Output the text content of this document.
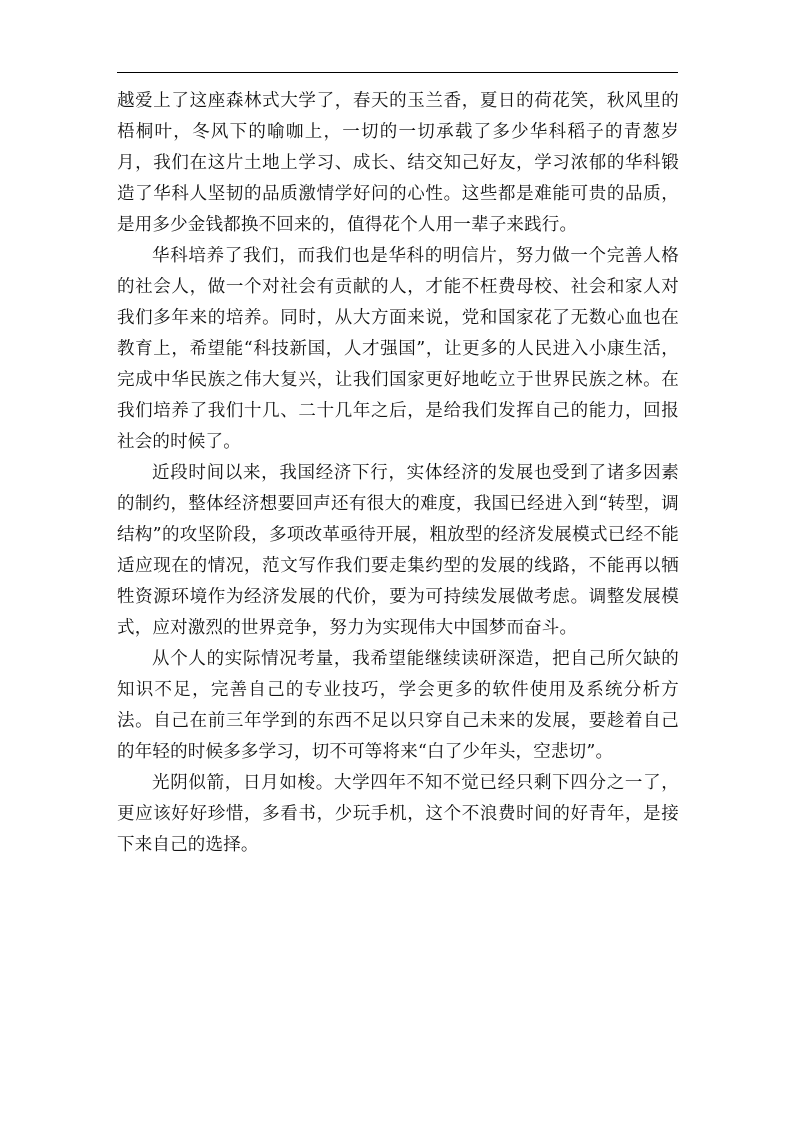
越爱上了这座森林式大学了，春天的玉兰香，夏日的荷花笑，秋风里的梧桐叶，冬风下的喻咖上，一切的一切承载了多少华科稻子的青葱岁月，我们在这片土地上学习、成长、结交知己好友，学习浓郁的华科锻造了华科人坚韧的品质激情学好问的心性。这些都是难能可贵的品质，是用多少金钱都换不回来的，值得花个人用一辈子来践行。

华科培养了我们，而我们也是华科的明信片，努力做一个完善人格的社会人，做一个对社会有贡献的人，才能不枉费母校、社会和家人对我们多年来的培养。同时，从大方面来说，党和国家花了无数心血也在教育上，希望能“科技新国，人才强国”，让更多的人民进入小康生活，完成中华民族之伟大复兴，让我们国家更好地屹立于世界民族之林。在我们培养了我们十几、二十几年之后，是给我们发挥自己的能力，回报社会的时候了。

近段时间以来，我国经济下行，实体经济的发展也受到了诸多因素的制约，整体经济想要回声还有很大的难度，我国已经进入到“转型，调结构”的攻坚阶段，多项改革亟待开展，粗放型的经济发展模式已经不能适应现在的情况，范文写作我们要走集约型的发展的线路，不能再以牺牲资源环境作为经济发展的代价，要为可持续发展做考虑。调整发展模式，应对激烈的世界竞争，努力为实现伟大中国梦而奋斗。

从个人的实际情况考量，我希望能继续读研深造，把自己所欠缺的知识不足，完善自己的专业技巧，学会更多的软件使用及系统分析方法。自己在前三年学到的东西不足以只穿自己未来的发展，要趁着自己的年轻的时候多多学习，切不可等将来“白了少年头，空悲切”。

光阴似箭，日月如梭。大学四年不知不觉已经只剩下四分之一了，更应该好好珍惜，多看书，少玩手机，这个不浪费时间的好青年，是接下来自己的选择。
